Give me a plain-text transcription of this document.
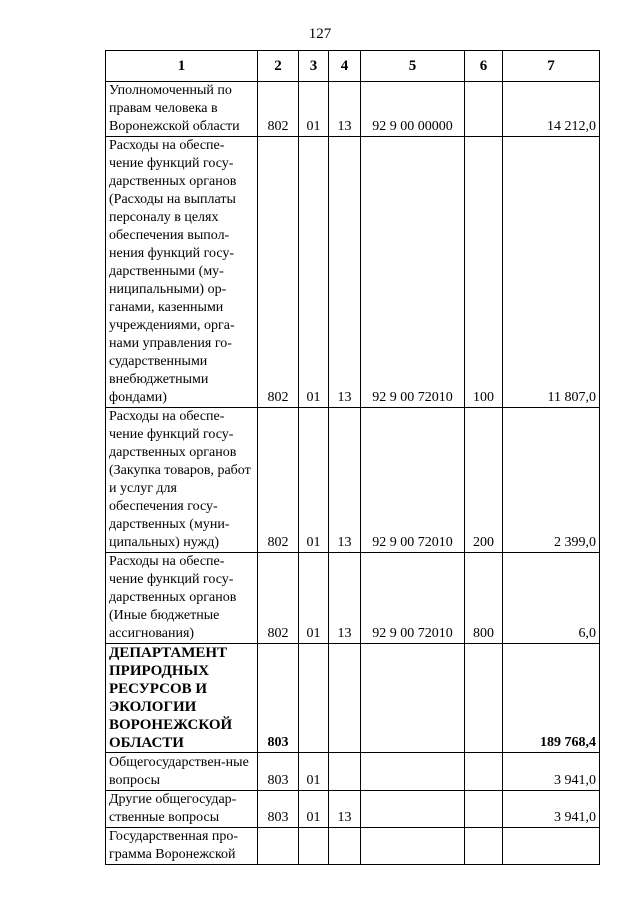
127
1	2	3	4	5	6	7
Уполномоченный по правам человека в Воронежской области	802	01	13	92 9 00 00000		14 212,0
Расходы на обеспе-чение функций госу-дарственных органов (Расходы на выплаты персоналу в целях обеспечения выпол-нения функций госу-дарственными (му-ниципальными) ор-ганами, казенными учреждениями, орга-нами управления го-сударственными внебюджетными фондами)	802	01	13	92 9 00 72010	100	11 807,0
Расходы на обеспе-чение функций госу-дарственных органов (Закупка товаров, работ и услуг для обеспечения госу-дарственных (муни-ципальных) нужд)	802	01	13	92 9 00 72010	200	2 399,0
Расходы на обеспе-чение функций госу-дарственных органов (Иные бюджетные ассигнования)	802	01	13	92 9 00 72010	800	6,0
ДЕПАРТАМЕНТ ПРИРОДНЫХ РЕСУРСОВ И ЭКОЛОГИИ ВОРОНЕЖСКОЙ ОБЛАСТИ	803					189 768,4
Общегосударствен-ные вопросы	803	01				3 941,0
Другие общегосудар-ственные вопросы	803	01	13			3 941,0
Государственная про-грамма Воронежской						
